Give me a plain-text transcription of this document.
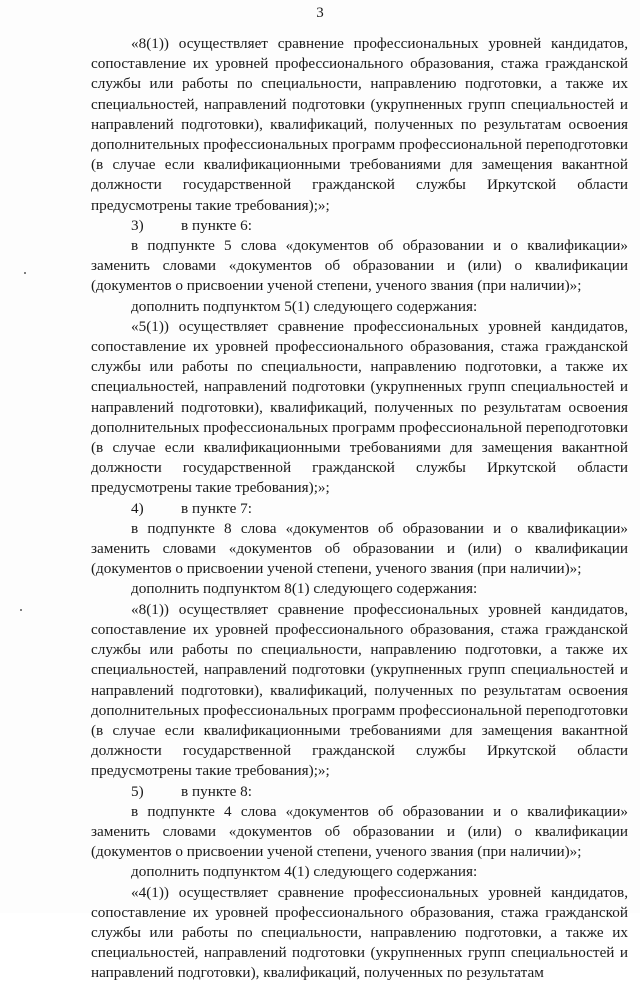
3

«8(1)) осуществляет сравнение профессиональных уровней кандидатов, сопоставление их уровней профессионального образования, стажа гражданской службы или работы по специальности, направлению подготовки, а также их специальностей, направлений подготовки (укрупненных групп специальностей и направлений подготовки), квалификаций, полученных по результатам освоения дополнительных профессиональных программ профессиональной переподготовки (в случае если квалификационными требованиями для замещения вакантной должности государственной гражданской службы Иркутской области предусмотрены такие требования);»;

3) в пункте 6:

в подпункте 5 слова «документов об образовании и о квалификации» заменить словами «документов об образовании и (или) о квалификации (документов о присвоении ученой степени, ученого звания (при наличии)»;

дополнить подпунктом 5(1) следующего содержания:

«5(1)) осуществляет сравнение профессиональных уровней кандидатов, сопоставление их уровней профессионального образования, стажа гражданской службы или работы по специальности, направлению подготовки, а также их специальностей, направлений подготовки (укрупненных групп специальностей и направлений подготовки), квалификаций, полученных по результатам освоения дополнительных профессиональных программ профессиональной переподготовки (в случае если квалификационными требованиями для замещения вакантной должности государственной гражданской службы Иркутской области предусмотрены такие требования);»;

4) в пункте 7:

в подпункте 8 слова «документов об образовании и о квалификации» заменить словами «документов об образовании и (или) о квалификации (документов о присвоении ученой степени, ученого звания (при наличии)»;

дополнить подпунктом 8(1) следующего содержания:

«8(1)) осуществляет сравнение профессиональных уровней кандидатов, сопоставление их уровней профессионального образования, стажа гражданской службы или работы по специальности, направлению подготовки, а также их специальностей, направлений подготовки (укрупненных групп специальностей и направлений подготовки), квалификаций, полученных по результатам освоения дополнительных профессиональных программ профессиональной переподготовки (в случае если квалификационными требованиями для замещения вакантной должности государственной гражданской службы Иркутской области предусмотрены такие требования);»;

5) в пункте 8:

в подпункте 4 слова «документов об образовании и о квалификации» заменить словами «документов об образовании и (или) о квалификации (документов о присвоении ученой степени, ученого звания (при наличии)»;

дополнить подпунктом 4(1) следующего содержания:

«4(1)) осуществляет сравнение профессиональных уровней кандидатов, сопоставление их уровней профессионального образования, стажа гражданской службы или работы по специальности, направлению подготовки, а также их специальностей, направлений подготовки (укрупненных групп специальностей и направлений подготовки), квалификаций, полученных по результатам
